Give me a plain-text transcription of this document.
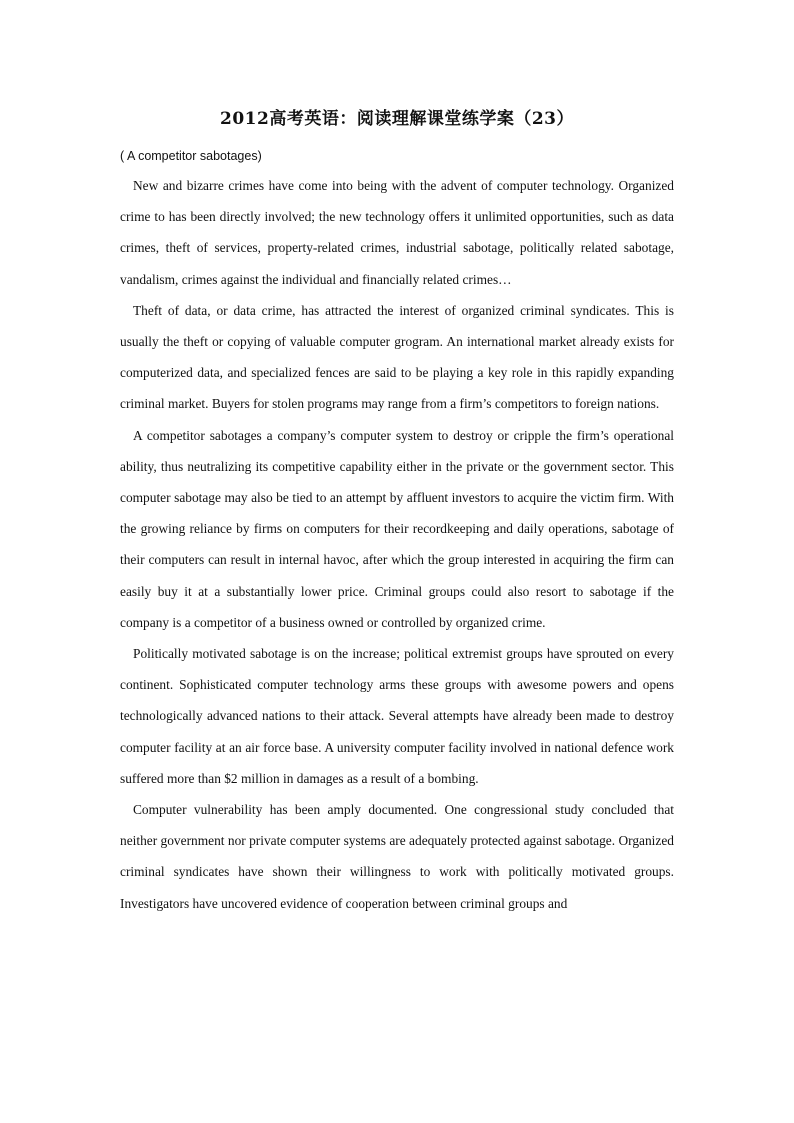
2012高考英语：阅读理解课堂练学案（23）
( A competitor sabotages)

New and bizarre crimes have come into being with the advent of computer technology. Organized crime to has been directly involved; the new technology offers it unlimited opportunities, such as data crimes, theft of services, property-related crimes, industrial sabotage, politically related sabotage, vandalism, crimes against the individual and financially related crimes…

Theft of data, or data crime, has attracted the interest of organized criminal syndicates. This is usually the theft or copying of valuable computer grogram. An international market already exists for computerized data, and specialized fences are said to be playing a key role in this rapidly expanding criminal market. Buyers for stolen programs may range from a firm’s competitors to foreign nations.

A competitor sabotages a company’s computer system to destroy or cripple the firm’s operational ability, thus neutralizing its competitive capability either in the private or the government sector. This computer sabotage may also be tied to an attempt by affluent investors to acquire the victim firm. With the growing reliance by firms on computers for their recordkeeping and daily operations, sabotage of their computers can result in internal havoc, after which the group interested in acquiring the firm can easily buy it at a substantially lower price. Criminal groups could also resort to sabotage if the company is a competitor of a business owned or controlled by organized crime.

Politically motivated sabotage is on the increase; political extremist groups have sprouted on every continent. Sophisticated computer technology arms these groups with awesome powers and opens technologically advanced nations to their attack. Several attempts have already been made to destroy computer facility at an air force base. A university computer facility involved in national defence work suffered more than $2 million in damages as a result of a bombing.

Computer vulnerability has been amply documented. One congressional study concluded that neither government nor private computer systems are adequately protected against sabotage. Organized criminal syndicates have shown their willingness to work with politically motivated groups. Investigators have uncovered evidence of cooperation between criminal groups and
